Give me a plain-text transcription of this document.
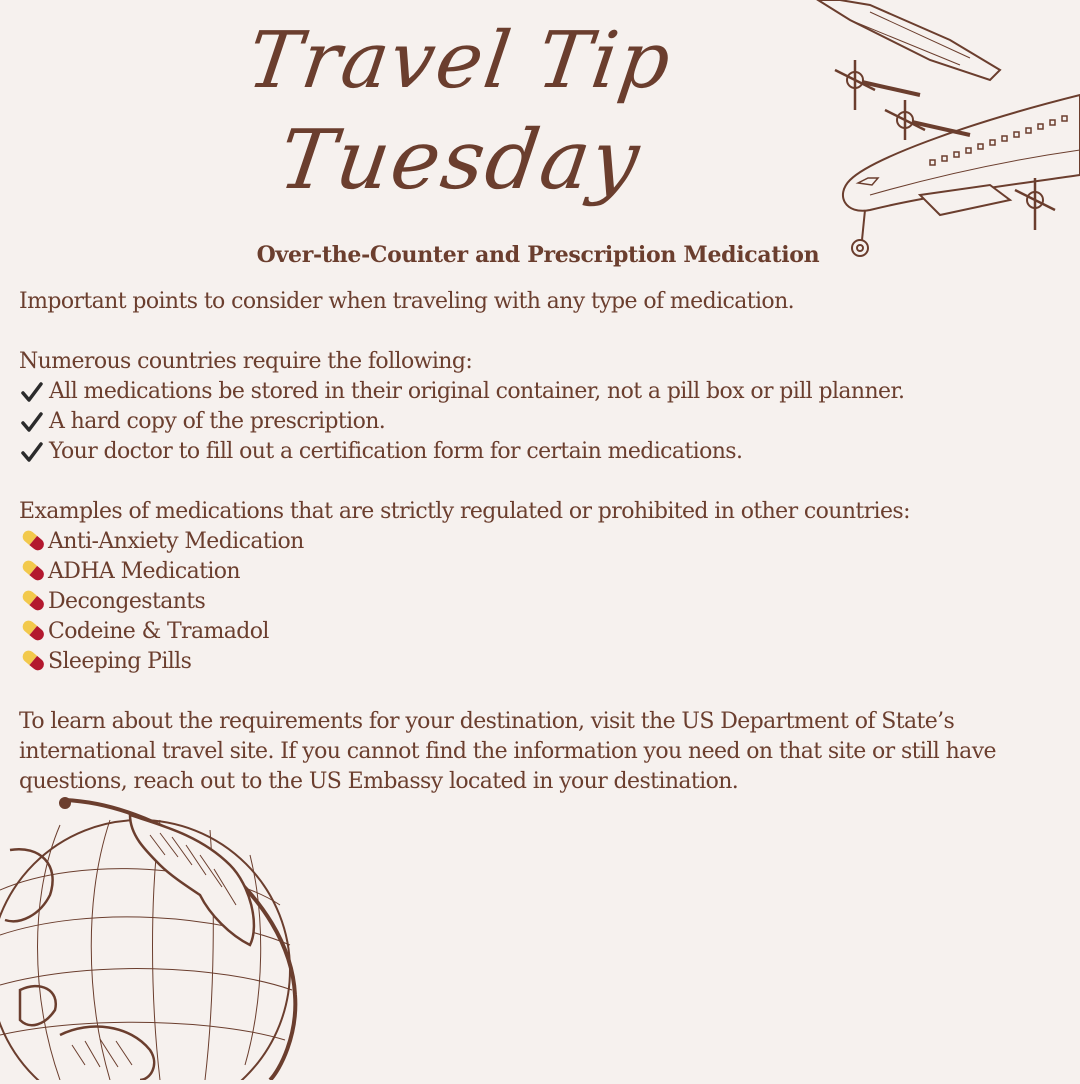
Travel Tip
Tuesday
Over-the-Counter and Prescription Medication

Important points to consider when traveling with any type of medication.

Numerous countries require the following:

All medications be stored in their original container, not a pill box or pill planner.
A hard copy of the prescription.
Your doctor to fill out a certification form for certain medications.

Examples of medications that are strictly regulated or prohibited in other countries:

Anti-Anxiety Medication
ADHA Medication
Decongestants
Codeine & Tramadol
Sleeping Pills

To learn about the requirements for your destination, visit the US Department of State’s international travel site. If you cannot find the information you need on that site or still have questions, reach out to the US Embassy located in your destination.
